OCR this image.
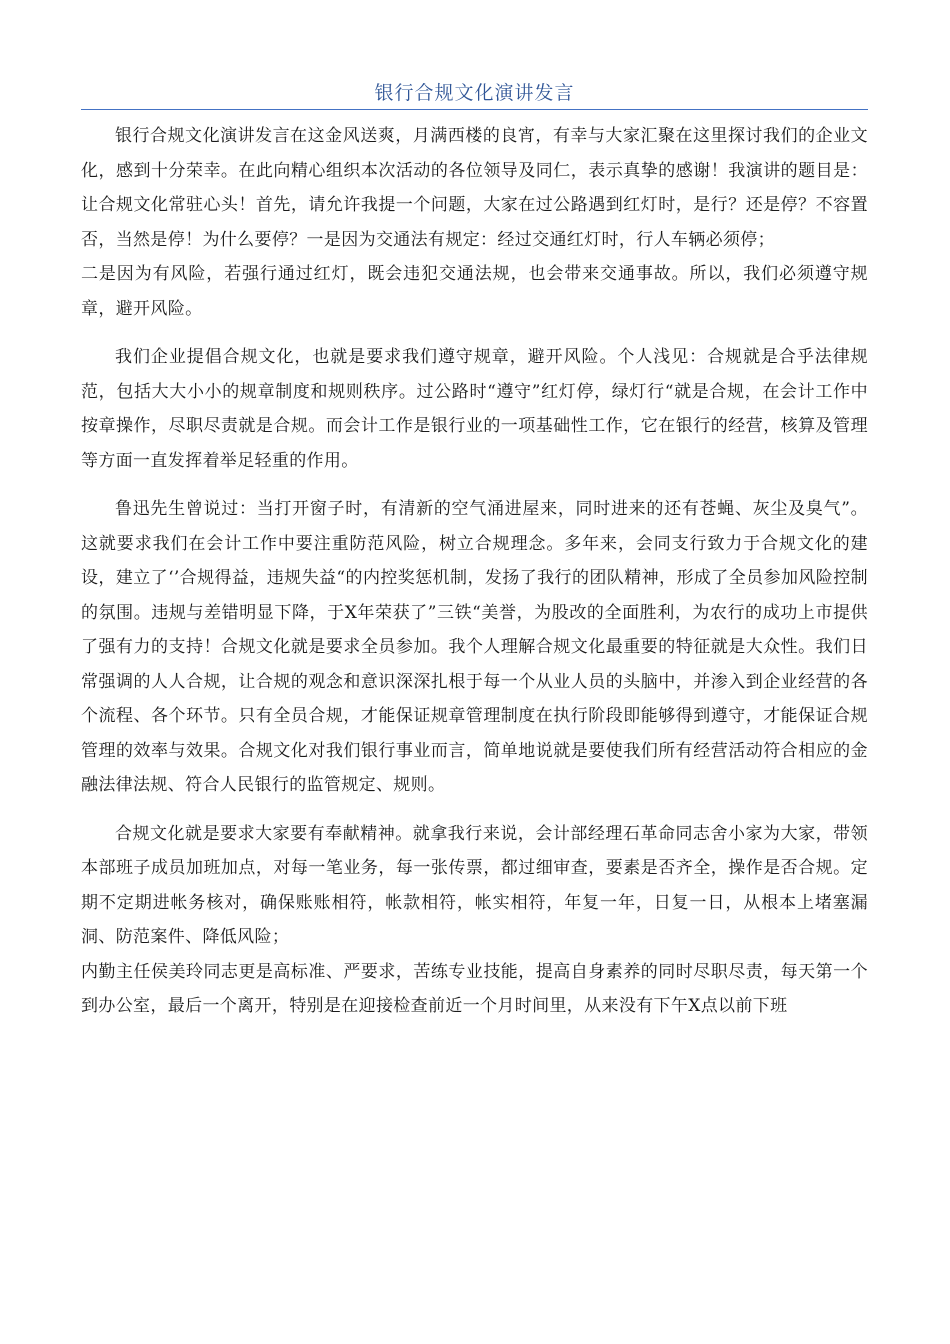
银行合规文化演讲发言

银行合规文化演讲发言在这金风送爽，月满西楼的良宵，有幸与大家汇聚在这里探讨我们的企业文化，感到十分荣幸。在此向精心组织本次活动的各位领导及同仁，表示真挚的感谢！我演讲的题目是：让合规文化常驻心头！首先，请允许我提一个问题，大家在过公路遇到红灯时，是行？还是停？不容置否，当然是停！为什么要停？一是因为交通法有规定：经过交通红灯时，行人车辆必须停；

二是因为有风险，若强行通过红灯，既会违犯交通法规，也会带来交通事故。所以，我们必须遵守规章，避开风险。

我们企业提倡合规文化，也就是要求我们遵守规章，避开风险。个人浅见：合规就是合乎法律规范，包括大大小小的规章制度和规则秩序。过公路时“遵守”红灯停，绿灯行“就是合规，在会计工作中按章操作，尽职尽责就是合规。而会计工作是银行业的一项基础性工作，它在银行的经营，核算及管理等方面一直发挥着举足轻重的作用。

鲁迅先生曾说过：当打开窗子时，有清新的空气涌进屋来，同时进来的还有苍蝇、灰尘及臭气”。这就要求我们在会计工作中要注重防范风险，树立合规理念。多年来，会同支行致力于合规文化的建设，建立了‘’合规得益，违规失益“的内控奖惩机制，发扬了我行的团队精神，形成了全员参加风险控制的氛围。违规与差错明显下降，于X年荣获了”三铁“美誉，为股改的全面胜利，为农行的成功上市提供了强有力的支持！合规文化就是要求全员参加。我个人理解合规文化最重要的特征就是大众性。我们日常强调的人人合规，让合规的观念和意识深深扎根于每一个从业人员的头脑中，并渗入到企业经营的各个流程、各个环节。只有全员合规，才能保证规章管理制度在执行阶段即能够得到遵守，才能保证合规管理的效率与效果。合规文化对我们银行事业而言，简单地说就是要使我们所有经营活动符合相应的金融法律法规、符合人民银行的监管规定、规则。

合规文化就是要求大家要有奉献精神。就拿我行来说，会计部经理石革命同志舍小家为大家，带领本部班子成员加班加点，对每一笔业务，每一张传票，都过细审查，要素是否齐全，操作是否合规。定期不定期进帐务核对，确保账账相符，帐款相符，帐实相符，年复一年，日复一日，从根本上堵塞漏洞、防范案件、降低风险；

内勤主任侯美玲同志更是高标准、严要求，苦练专业技能，提高自身素养的同时尽职尽责，每天第一个到办公室，最后一个离开，特别是在迎接检查前近一个月时间里，从来没有下午X点以前下班
